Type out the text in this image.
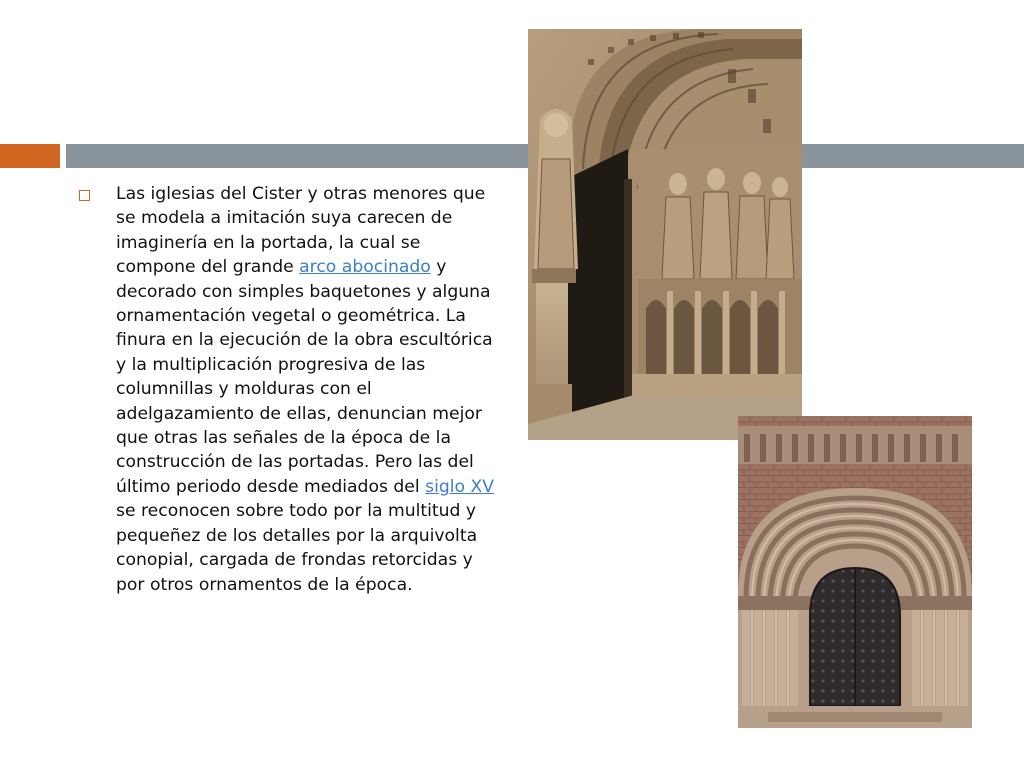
Las iglesias del Cister y otras menores que se modela a imitación suya carecen de imaginería en la portada, la cual se compone del grande arco abocinado y decorado con simples baquetones y alguna ornamentación vegetal o geométrica. La finura en la ejecución de la obra escultórica y la multiplicación progresiva de las columnillas y molduras con el adelgazamiento de ellas, denuncian mejor que otras las señales de la época de la construcción de las portadas. Pero las del último periodo desde mediados del siglo XV se reconocen sobre todo por la multitud y pequeñez de los detalles por la arquivolta conopial, cargada de frondas retorcidas y por otros ornamentos de la época.
